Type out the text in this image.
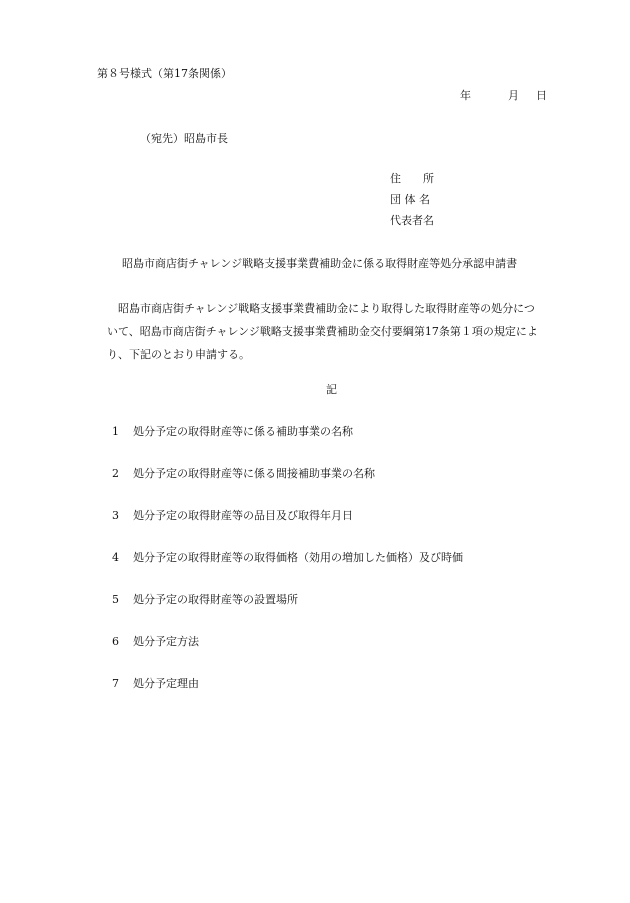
第８号様式（第17条関係）
年	月 日
（宛先）昭島市長
住　　所
団 体 名
代表者名
昭島市商店街チャレンジ戦略支援事業費補助金に係る取得財産等処分承認申請書

　昭島市商店街チャレンジ戦略支援事業費補助金により取得した取得財産等の処分につ

いて、昭島市商店街チャレンジ戦略支援事業費補助金交付要綱第17条第１項の規定によ

り、下記のとおり申請する。

記
1	処分予定の取得財産等に係る補助事業の名称
2	処分予定の取得財産等に係る間接補助事業の名称
3	処分予定の取得財産等の品目及び取得年月日
4	処分予定の取得財産等の取得価格（効用の増加した価格）及び時価
5	処分予定の取得財産等の設置場所
6	処分予定方法
7	処分予定理由
